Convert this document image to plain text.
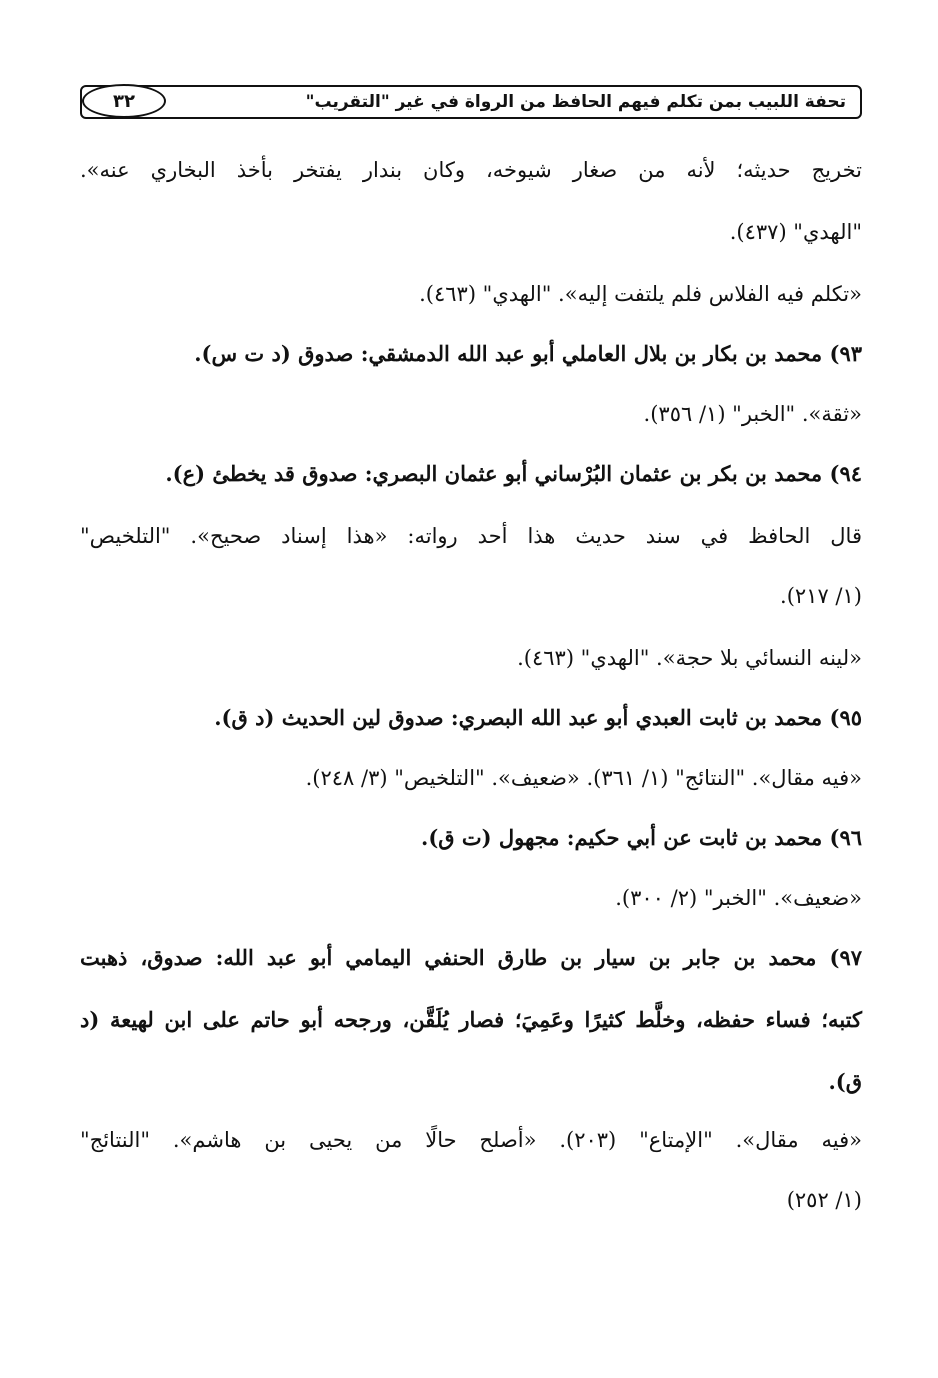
٣٢	تحفة اللبيب بمن تكلم فيهم الحافظ من الرواة في غير "التقريب"
تخريج حديثه؛ لأنه من صغار شيوخه، وكان بندار يفتخر بأخذ البخاري عنه».
"الهدي" (٤٣٧).
«تكلم فيه الفلاس فلم يلتفت إليه». "الهدي" (٤٦٣).
٩٣) محمد بن بكار بن بلال العاملي أبو عبد الله الدمشقي: صدوق (د ت س).
«ثقة». "الخبر" (١/ ٣٥٦).
٩٤) محمد بن بكر بن عثمان البُرْساني أبو عثمان البصري: صدوق قد يخطئ (ع).
قال الحافظ في سند حديث هذا أحد رواته: «هذا إسناد صحيح». "التلخيص"
(١/ ٢١٧).
«لينه النسائي بلا حجة». "الهدي" (٤٦٣).
٩٥) محمد بن ثابت العبدي أبو عبد الله البصري: صدوق لين الحديث (د ق).
«فيه مقال». "النتائج" (١/ ٣٦١). «ضعيف». "التلخيص" (٣/ ٢٤٨).
٩٦) محمد بن ثابت عن أبي حكيم: مجهول (ت ق).
«ضعيف». "الخبر" (٢/ ٣٠٠).
٩٧) محمد بن جابر بن سيار بن طارق الحنفي اليمامي أبو عبد الله: صدوق، ذهبت
كتبه؛ فساء حفظه، وخلَّط كثيرًا وعَمِيَ؛ فصار يُلَقَّن، ورجحه أبو حاتم على ابن لهيعة (د
ق).
«فيه مقال». "الإمتاع" (٢٠٣). «أصلح حالًا من يحيى بن هاشم». "النتائج"
(١/ ٢٥٢)
